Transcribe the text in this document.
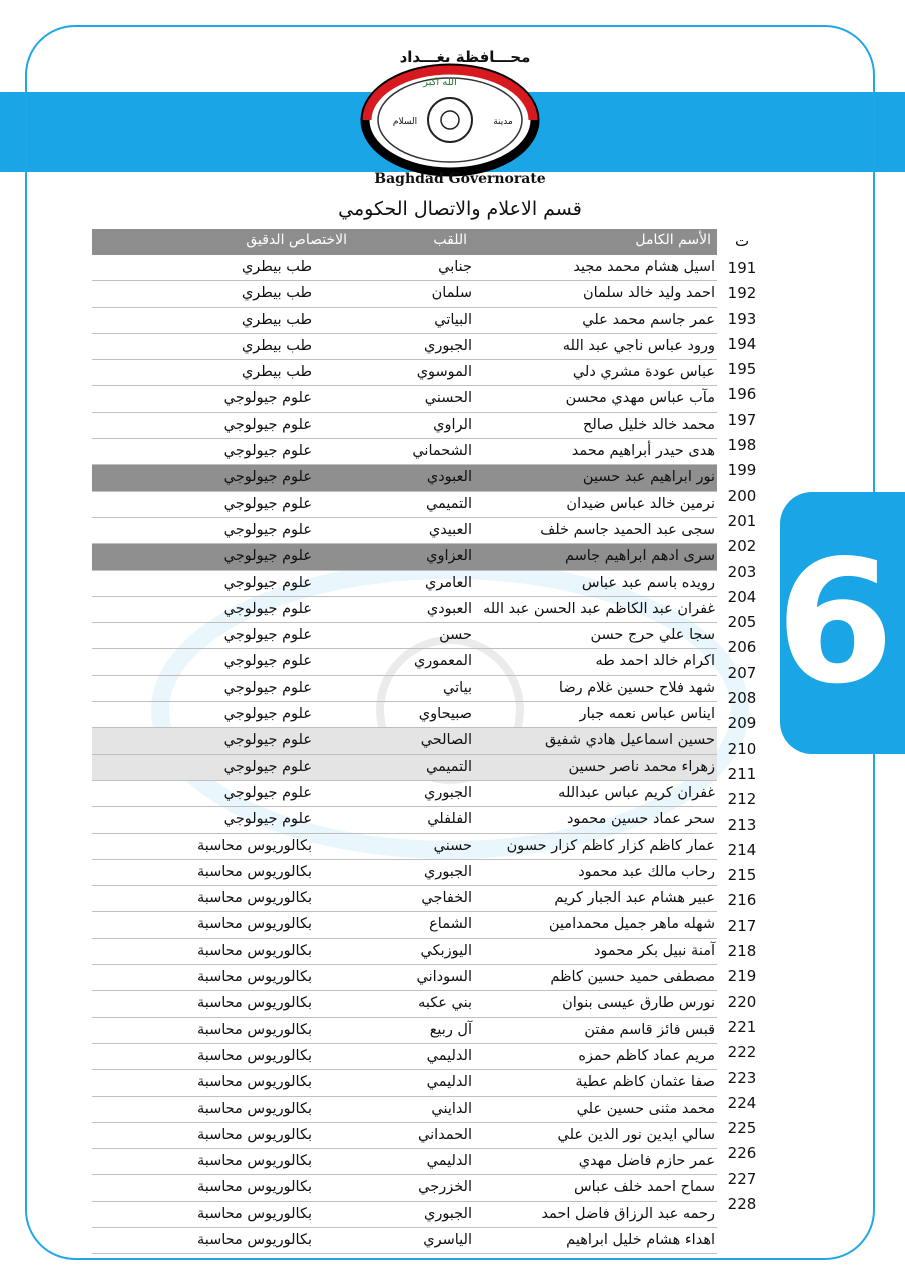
محـــافظة بغـــداد
الله اكبر
السلام	مدينة
Baghdad Governorate
قسم الاعلام والاتصال الحكومي
6
الأسم الكامل
اللقب
الاختصاص الدقيق
اسيل هشام محمد مجيد
جنابي
طب بيطري
احمد وليد خالد سلمان
سلمان
طب بيطري
عمر جاسم محمد علي
البياتي
طب بيطري
ورود عباس ناجي عبد الله
الجبوري
طب بيطري
عباس عودة مشري دلي
الموسوي
طب بيطري
مآب عباس مهدي محسن
الحسني
علوم جيولوجي
محمد خالد خليل صالح
الراوي
علوم جيولوجي
هدى حيدر أبراهيم محمد
الشحماني
علوم جيولوجي
نور ابراهيم عبد حسين
العبودي
علوم جيولوجي
نرمين خالد عباس ضيدان
التميمي
علوم جيولوجي
سجى عبد الحميد جاسم خلف
العبيدي
علوم جيولوجي
سرى ادهم ابراهيم جاسم
العزاوي
علوم جيولوجي
رويده باسم عبد عباس
العامري
علوم جيولوجي
غفران عبد الكاظم عبد الحسن عبد الله
العبودي
علوم جيولوجي
سجا علي حرج حسن
حسن
علوم جيولوجي
اكرام خالد احمد طه
المعموري
علوم جيولوجي
شهد فلاح حسين غلام رضا
بياتي
علوم جيولوجي
ايناس عباس نعمه جبار
صبيحاوي
علوم جيولوجي
حسين اسماعيل هادي شفيق
الصالحي
علوم جيولوجي
زهراء محمد ناصر حسين
التميمي
علوم جيولوجي
غفران كريم عباس عبدالله
الجبوري
علوم جيولوجي
سحر عماد حسين محمود
الفلفلي
علوم جيولوجي
عمار كاظم كزار كاظم كزار حسون
حسني
بكالوريوس محاسبة
رحاب مالك عبد محمود
الجبوري
بكالوريوس محاسبة
عبير هشام عبد الجبار كريم
الخفاجي
بكالوريوس محاسبة
شهله ماهر جميل محمدامين
الشماع
بكالوريوس محاسبة
آمنة نبيل بكر محمود
اليوزبكي
بكالوريوس محاسبة
مصطفى حميد حسين كاظم
السوداني
بكالوريوس محاسبة
نورس طارق عيسى بنوان
بني عكبه
بكالوريوس محاسبة
قبس فائز قاسم مفتن
آل ربيع
بكالوريوس محاسبة
مريم عماد كاظم حمزه
الدليمي
بكالوريوس محاسبة
صفا عثمان كاظم عطية
الدليمي
بكالوريوس محاسبة
محمد مثنى حسين علي
الدايني
بكالوريوس محاسبة
سالي ايدين نور الدين علي
الحمداني
بكالوريوس محاسبة
عمر حازم فاضل مهدي
الدليمي
بكالوريوس محاسبة
سماح احمد خلف عباس
الخزرجي
بكالوريوس محاسبة
رحمه عبد الرزاق فاضل احمد
الجبوري
بكالوريوس محاسبة
اهداء هشام خليل ابراهيم
الياسري
بكالوريوس محاسبة
ت
191
192
193
194
195
196
197
198
199
200
201
202
203
204
205
206
207
208
209
210
211
212
213
214
215
216
217
218
219
220
221
222
223
224
225
226
227
228
